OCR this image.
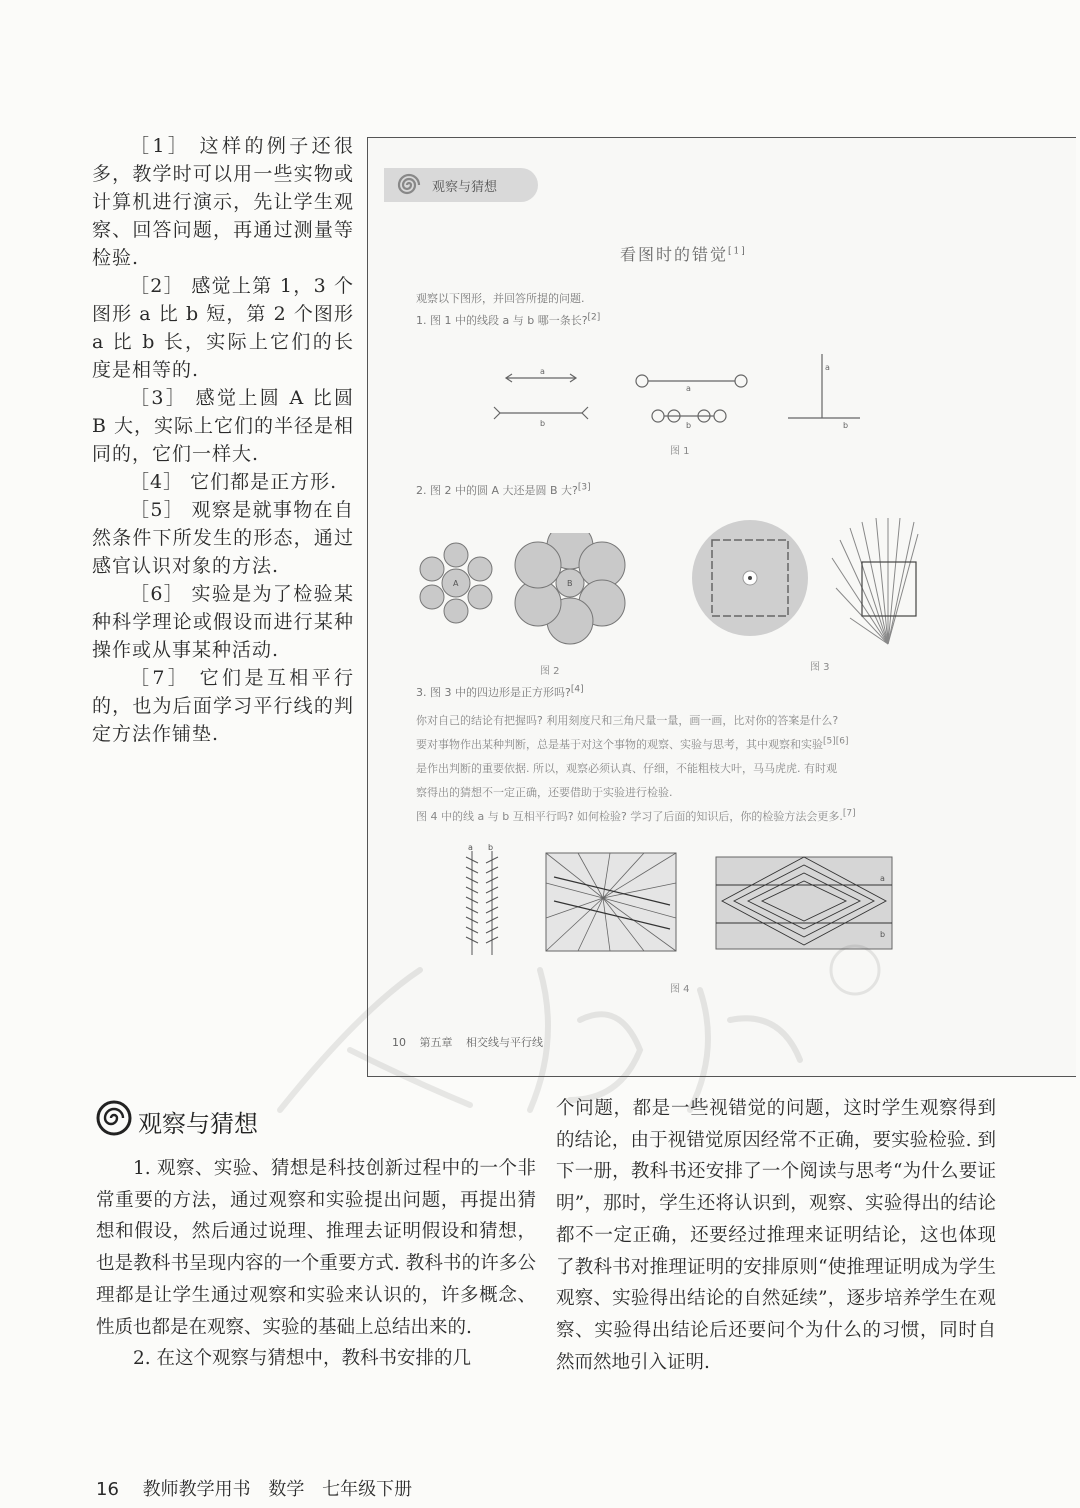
［1］ 这样的例子还很多，教学时可以用一些实物或计算机进行演示，先让学生观察、回答问题，再通过测量等检验.

［2］ 感觉上第 1，3 个图形 a 比 b 短，第 2 个图形 a 比 b 长，实际上它们的长度是相等的.

［3］ 感觉上圆 A 比圆 B 大，实际上它们的半径是相同的，它们一样大.

［4］ 它们都是正方形.

［5］ 观察是就事物在自然条件下所发生的形态，通过感官认识对象的方法.

［6］ 实验是为了检验某种科学理论或假设而进行某种操作或从事某种活动.

［7］ 它们是互相平行的，也为后面学习平行线的判定方法作铺垫.

观察与猜想
看图时的错觉[1]
观察以下图形，并回答所提的问题.
1. 图 1 中的线段 a 与 b 哪一条长?[2]
a
b
a
b
a
b
图 1
2. 图 2 中的圆 A 大还是圆 B 大?[3]
A	B
图 2	图 3
3. 图 3 中的四边形是正方形吗?[4]
你对自己的结论有把握吗? 利用刻度尺和三角尺量一量，画一画，比对你的答案是什么?
要对事物作出某种判断，总是基于对这个事物的观察、实验与思考，其中观察和实验[5][6]
是作出判断的重要依据. 所以，观察必须认真、仔细，不能粗枝大叶，马马虎虎. 有时观
察得出的猜想不一定正确，还要借助于实验进行检验.
图 4 中的线 a 与 b 互相平行吗? 如何检验? 学习了后面的知识后，你的检验方法会更多.[7]
a b
a
b
图 4
10 第五章 相交线与平行线
观察与猜想

1. 观察、实验、猜想是科技创新过程中的一个非常重要的方法，通过观察和实验提出问题，再提出猜想和假设，然后通过说理、推理去证明假设和猜想，也是教科书呈现内容的一个重要方式. 教科书的许多公理都是让学生通过观察和实验来认识的，许多概念、性质也都是在观察、实验的基础上总结出来的.

2. 在这个观察与猜想中，教科书安排的几

个问题，都是一些视错觉的问题，这时学生观察得到的结论，由于视错觉原因经常不正确，要实验检验. 到下一册，教科书还安排了一个阅读与思考“为什么要证明”，那时，学生还将认识到，观察、实验得出的结论都不一定正确，还要经过推理来证明结论，这也体现了教科书对推理证明的安排原则“使推理证明成为学生观察、实验得出结论的自然延续”，逐步培养学生在观察、实验得出结论后还要问个为什么的习惯，同时自然而然地引入证明.

16 教师教学用书 数学 七年级下册
